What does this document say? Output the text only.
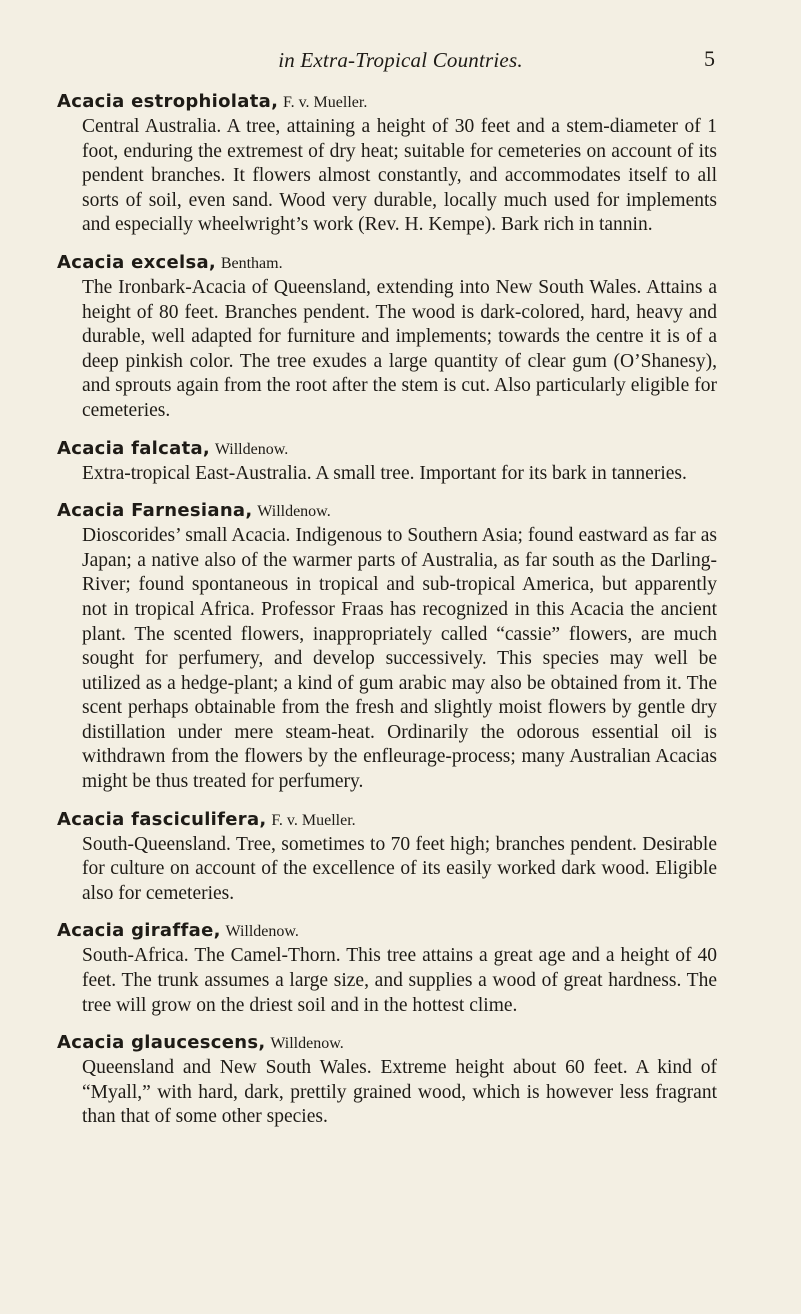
in Extra-Tropical Countries.	5
Acacia estrophiolata, F. v. Mueller.

Central Australia. A tree, attaining a height of 30 feet and a stem-diameter of 1 foot, enduring the extremest of dry heat; suitable for cemeteries on account of its pendent branches. It flowers almost constantly, and accommodates itself to all sorts of soil, even sand. Wood very durable, locally much used for implements and especially wheelwright’s work (Rev. H. Kempe). Bark rich in tannin.

Acacia excelsa, Bentham.

The Ironbark-Acacia of Queensland, extending into New South Wales. Attains a height of 80 feet. Branches pendent. The wood is dark-colored, hard, heavy and durable, well adapted for furniture and implements; towards the centre it is of a deep pinkish color. The tree exudes a large quantity of clear gum (O’Shanesy), and sprouts again from the root after the stem is cut. Also particularly eligible for cemeteries.

Acacia falcata, Willdenow.

Extra-tropical East-Australia. A small tree. Important for its bark in tanneries.

Acacia Farnesiana, Willdenow.

Dioscorides’ small Acacia. Indigenous to Southern Asia; found eastward as far as Japan; a native also of the warmer parts of Australia, as far south as the Darling-River; found spontaneous in tropical and sub-tropical America, but apparently not in tropical Africa. Professor Fraas has recognized in this Acacia the ancient plant. The scented flowers, inappropriately called “cassie” flowers, are much sought for perfumery, and develop successively. This species may well be utilized as a hedge-plant; a kind of gum arabic may also be obtained from it. The scent perhaps obtainable from the fresh and slightly moist flowers by gentle dry distillation under mere steam-heat. Ordinarily the odorous essential oil is withdrawn from the flowers by the enfleurage-process; many Australian Acacias might be thus treated for perfumery.

Acacia fasciculifera, F. v. Mueller.

South-Queensland. Tree, sometimes to 70 feet high; branches pendent. Desirable for culture on account of the excellence of its easily worked dark wood. Eligible also for cemeteries.

Acacia giraffae, Willdenow.

South-Africa. The Camel-Thorn. This tree attains a great age and a height of 40 feet. The trunk assumes a large size, and supplies a wood of great hardness. The tree will grow on the driest soil and in the hottest clime.

Acacia glaucescens, Willdenow.

Queensland and New South Wales. Extreme height about 60 feet. A kind of “Myall,” with hard, dark, prettily grained wood, which is however less fragrant than that of some other species.
